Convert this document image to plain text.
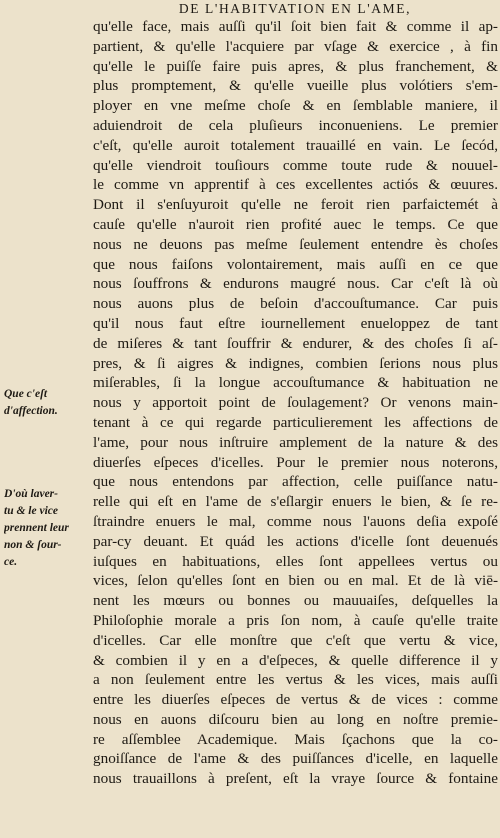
DE L'HABITVATION EN L'AME,
qu'elle face, mais auſſi qu'il ſoit bien fait & comme il ap-
partient, & qu'elle l'acquiere par vſage & exercice , à fin
qu'elle le puiſſe faire puis apres, & plus franchement, &
plus promptement, & qu'elle vueille plus volótiers s'em-
ployer en vne meſme choſe & en ſemblable maniere, il
aduiendroit de cela pluſieurs inconueniens. Le premier
c'eſt, qu'elle auroit totalement trauaillé en vain. Le ſecód,
qu'elle viendroit touſiours comme toute rude & nouuel-
le comme vn apprentif à ces excellentes actiós & œuures.
Dont il s'enſuyuroit qu'elle ne feroit rien parfaictemét à
cauſe qu'elle n'auroit rien profité auec le temps. Ce que
nous ne deuons pas meſme ſeulement entendre ès choſes
que nous faiſons volontairement, mais auſſi en ce que
nous ſouffrons & endurons maugré nous. Car c'eſt là où
nous auons plus de beſoin d'accouſtumance. Car puis
qu'il nous faut eſtre iournellement enueloppez de tant
de miſeres & tant ſouffrir & endurer, & des choſes ſi aſ-
pres, & ſi aigres & indignes, combien ſerions nous plus
miſerables, ſi la longue accouſtumance & habituation ne
nous y apportoit point de ſoulagement? Or venons main-
tenant à ce qui regarde particulierement les affections de
l'ame, pour nous inſtruire amplement de la nature & des
diuerſes eſpeces d'icelles. Pour le premier nous noterons,
que nous entendons par affection, celle puiſſance natu-
relle qui eſt en l'ame de s'eſlargir enuers le bien, & ſe re-
ſtraindre enuers le mal, comme nous l'auons deſia expoſé
par-cy deuant. Et quád les actions d'icelle ſont deuenués
iuſques en habituations, elles ſont appellees vertus ou
vices, ſelon qu'elles ſont en bien ou en mal. Et de là viē-
nent les mœurs ou bonnes ou mauuaiſes, deſquelles la
Philoſophie morale a pris ſon nom, à cauſe qu'elle traite
d'icelles. Car elle monſtre que c'eſt que vertu & vice,
& combien il y en a d'eſpeces, & quelle difference il y
a non ſeulement entre les vertus & les vices, mais auſſi
entre les diuerſes eſpeces de vertus & de vices : comme
nous en auons diſcouru bien au long en noſtre premie-
re aſſemblee Academique. Mais ſçachons que la co-
gnoiſſance de l'ame & des puiſſances d'icelle, en laquelle
nous trauaillons à preſent, eſt la vraye ſource & fontaine
Que c'eſt
d'affection.
D'où laver-
tu & le vice
prennent leur
non & ſour-
ce.
